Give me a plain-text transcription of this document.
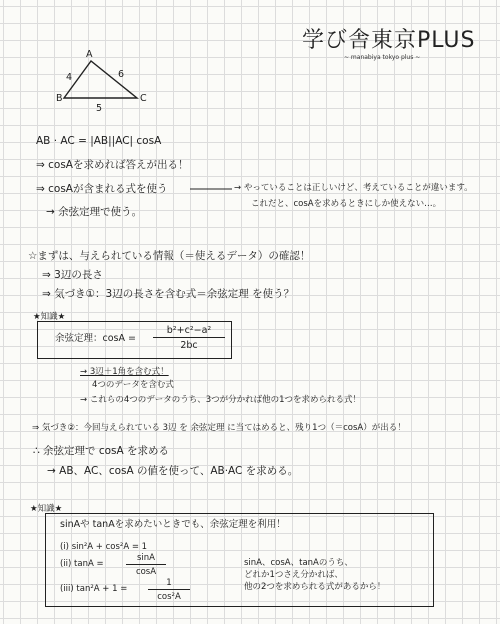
学び舎東京PLUS
~ manabiya tokyo plus ~
A
B	C
4	6
5
AB · AC = |AB||AC| cosA
⇒ cosAを求めれば答えが出る！
⇒ cosAが含まれる式を使う
→ 余弦定理で使う。
→ やっていることは正しいけど、考えていることが違います。
これだと、cosAを求めるときにしか使えない…。
☆まずは、与えられている情報（＝使えるデータ）の確認！
⇒ 3辺の長さ
⇒ 気づき①：3辺の長さを含む式＝余弦定理 を使う？
★知識★
余弦定理：$\cos A = \frac{\text{b²+c²−a²}}{2bc}$
→ 3辺＋1角を含む式！
4つのデータを含む式
→ これらの4つのデータのうち、3つが分かれば他の1つを求められる式！
⇒ 気づき②：今回与えられている 3辺 を 余弦定理 に当てはめると、残り1つ（＝cosA）が出る！
∴ 余弦定理で cosA を求める
→ AB、AC、cosA の値を使って、AB·AC を求める。
★知識★
sinAや tanAを求めたいときでも、余弦定理を利用！
(i) sin²A + cos²A = 1
(ii) tanA =	$\frac{\sin A}{\cos A}$
(iii) $\tan^2A + 1 = \frac{1}{\text{cos²A}}$
sinA、cosA、tanAのうち、
どれか1つさえ分かれば、
他の2つを求められる式があるから！
